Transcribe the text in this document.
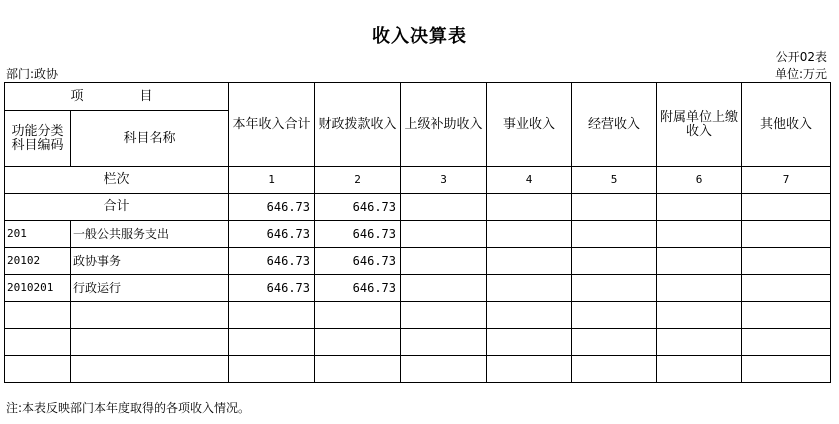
收入决算表
公开02表
部门:政协	单位:万元
项　　目		本年收入合计	财政拨款收入	上级补助收入	事业收入	经营收入	附属单位上缴收入	其他收入
功能分类科目编码	科目名称							
栏次		1	2	3	4	5	6	7
合计		646.73	646.73					
201	一般公共服务支出	646.73	646.73					
20102	政协事务	646.73	646.73					
2010201	行政运行	646.73	646.73					

注:本表反映部门本年度取得的各项收入情况。
